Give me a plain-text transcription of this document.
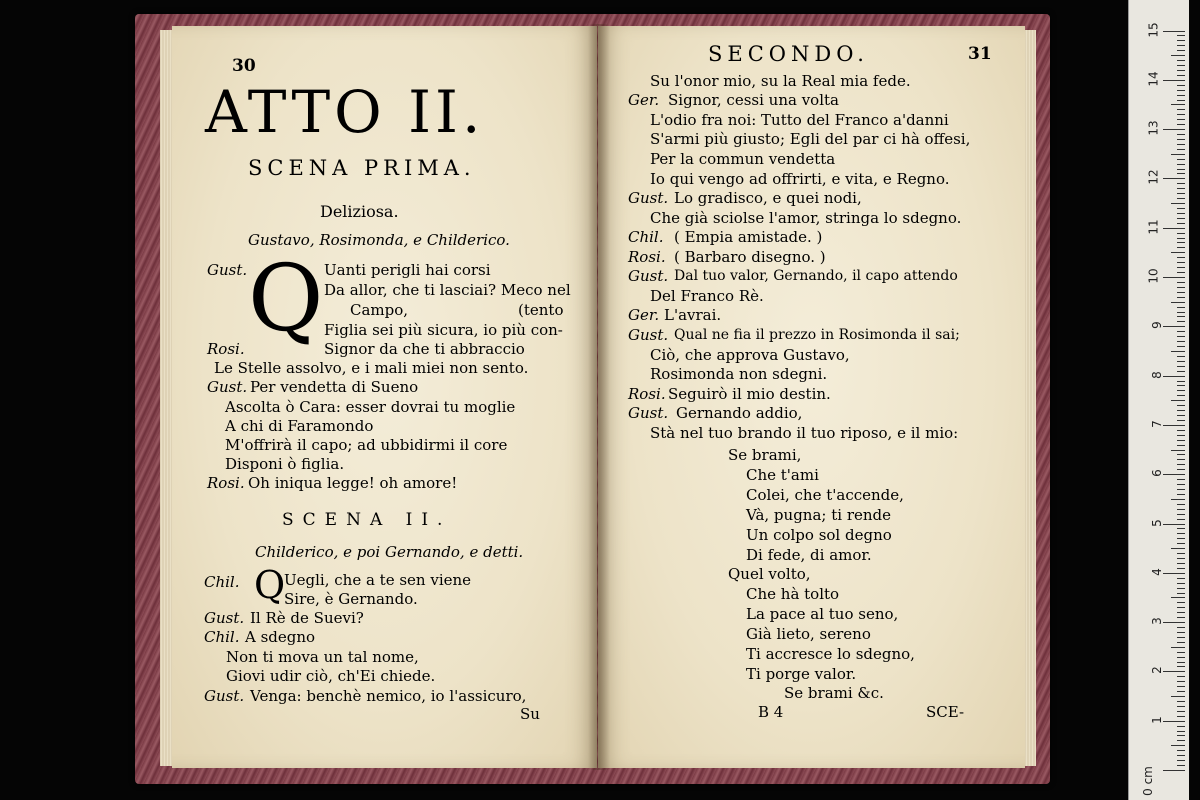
30
ATTO II.
SCENA PRIMA.
Deliziosa.
Gustavo, Rosimonda, e Childerico.
Q
Gust.	Uanti perigli hai corsi
Da allor, che ti lasciai? Meco nel
Campo,	(tento
Figlia sei più sicura, io più con-
Rosi.	Signor da che ti abbraccio
Le Stelle assolvo, e i mali miei non sento.
Gust. Per vendetta di Sueno
Ascolta ò Cara: esser dovrai tu moglie
A chi di Faramondo
M'offrirà il capo; ad ubbidirmi il core
Disponi ò figlia.
Rosi. Oh iniqua legge! oh amore!
SCENA II.
Childerico, e poi Gernando, e detti.
Q
Chil.	Uegli, che a te sen viene
Sire, è Gernando.
Gust. Il Rè de Suevi?
Chil. A sdegno
Non ti mova un tal nome,
Giovi udir ciò, ch'Ei chiede.
Gust. Venga: benchè nemico, io l'assicuro,
Su
SECONDO.	31
Su l'onor mio, su la Real mia fede.
Ger. Signor, cessi una volta
L'odio fra noi: Tutto del Franco a'danni
S'armi più giusto; Egli del par ci hà offesi,
Per la commun vendetta
Io qui vengo ad offrirti, e vita, e Regno.
Gust. Lo gradisco, e quei nodi,
Che già sciolse l'amor, stringa lo sdegno.
Chil. ( Empia amistade. )
Rosi. ( Barbaro disegno. )
Gust. Dal tuo valor, Gernando, il capo attendo
Del Franco Rè.
Ger. L'avrai.
Gust. Qual ne fia il prezzo in Rosimonda il sai;
Ciò, che approva Gustavo,
Rosimonda non sdegni.
Rosi. Seguirò il mio destin.
Gust. Gernando addio,
Stà nel tuo brando il tuo riposo, e il mio:
Se brami,
Che t'ami
Colei, che t'accende,
Và, pugna; ti rende
Un colpo sol degno
Di fede, di amor.
Quel volto,
Che hà tolto
La pace al tuo seno,
Già lieto, sereno
Ti accresce lo sdegno,
Ti porge valor.
Se brami &c.
B 4	SCE-	1
2
3
4
5
6
7
8
9
10
11
12
13
14
15
0 cm
